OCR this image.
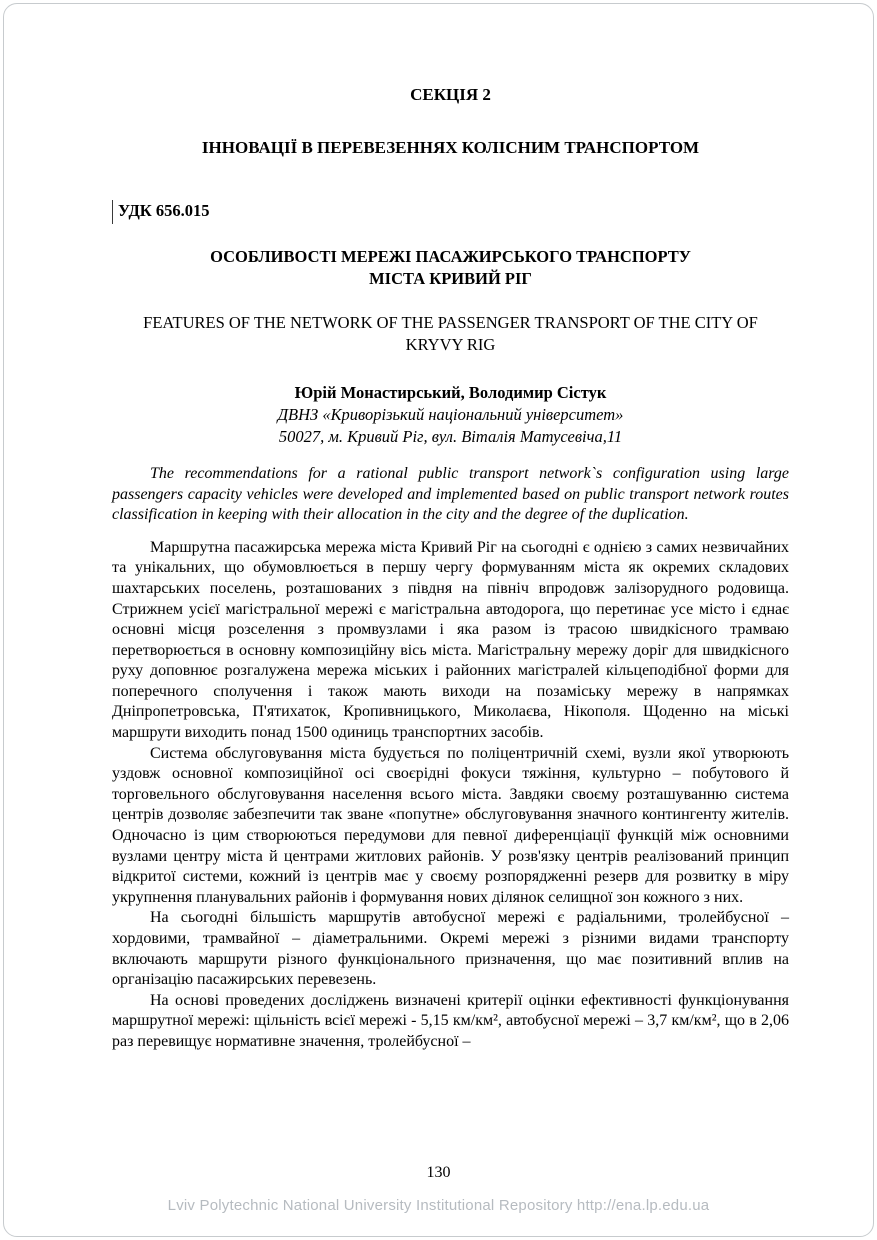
СЕКЦІЯ 2
ІННОВАЦІЇ В ПЕРЕВЕЗЕННЯХ КОЛІСНИМ ТРАНСПОРТОМ
УДК 656.015
ОСОБЛИВОСТІ МЕРЕЖІ ПАСАЖИРСЬКОГО ТРАНСПОРТУ
МІСТА КРИВИЙ РІГ
FEATURES OF THE NETWORK OF THE PASSENGER TRANSPORT OF THE CITY OF
KRYVY RIG
Юрій Монастирський, Володимир Сістук
ДВНЗ «Криворізький національний університет»
50027, м. Кривий Ріг, вул. Віталія Матусевіча,11
The recommendations for a rational public transport network`s configuration using large passengers capacity vehicles were developed and implemented based on public transport network routes classification in keeping with their allocation in the city and the degree of the duplication.

Маршрутна пасажирська мережа міста Кривий Ріг на сьогодні є однією з самих незвичайних та унікальних, що обумовлюється в першу чергу формуванням міста як окремих складових шахтарських поселень, розташованих з півдня на північ впродовж залізорудного родовища. Стрижнем усієї магістральної мережі є магістральна автодорога, що перетинає усе місто і єднає основні місця розселення з промвузлами і яка разом із трасою швидкісного трамваю перетворюється в основну композиційну вісь міста. Магістральну мережу доріг для швидкісного руху доповнює розгалужена мережа міських і районних магістралей кільцеподібної форми для поперечного сполучення і також мають виходи на позаміську мережу в напрямках Дніпропетровська, П'ятихаток, Кропивницького, Миколаєва, Нікополя. Щоденно на міські маршрути виходить понад 1500 одиниць транспортних засобів.

Система обслуговування міста будується по поліцентричній схемі, вузли якої утворюють уздовж основної композиційної осі своєрідні фокуси тяжіння, культурно – побутового й торговельного обслуговування населення всього міста. Завдяки своєму розташуванню система центрів дозволяє забезпечити так зване «попутне» обслуговування значного контингенту жителів. Одночасно із цим створюються передумови для певної диференціації функцій між основними вузлами центру міста й центрами житлових районів. У розв'язку центрів реалізований принцип відкритої системи, кожний із центрів має у своєму розпорядженні резерв для розвитку в міру укрупнення планувальних районів і формування нових ділянок селищної зон кожного з них.

На сьогодні більшість маршрутів автобусної мережі є радіальними, тролейбусної – хордовими, трамвайної – діаметральними. Окремі мережі з різними видами транспорту включають маршрути різного функціонального призначення, що має позитивний вплив на організацію пасажирських перевезень.

На основі проведених досліджень визначені критерії оцінки ефективності функціонування маршрутної мережі: щільність всієї мережі - 5,15 км/км², автобусної мережі – 3,7 км/км², що в 2,06 раз перевищує нормативне значення, тролейбусної –

130
Lviv Polytechnic National University Institutional Repository http://ena.lp.edu.ua
